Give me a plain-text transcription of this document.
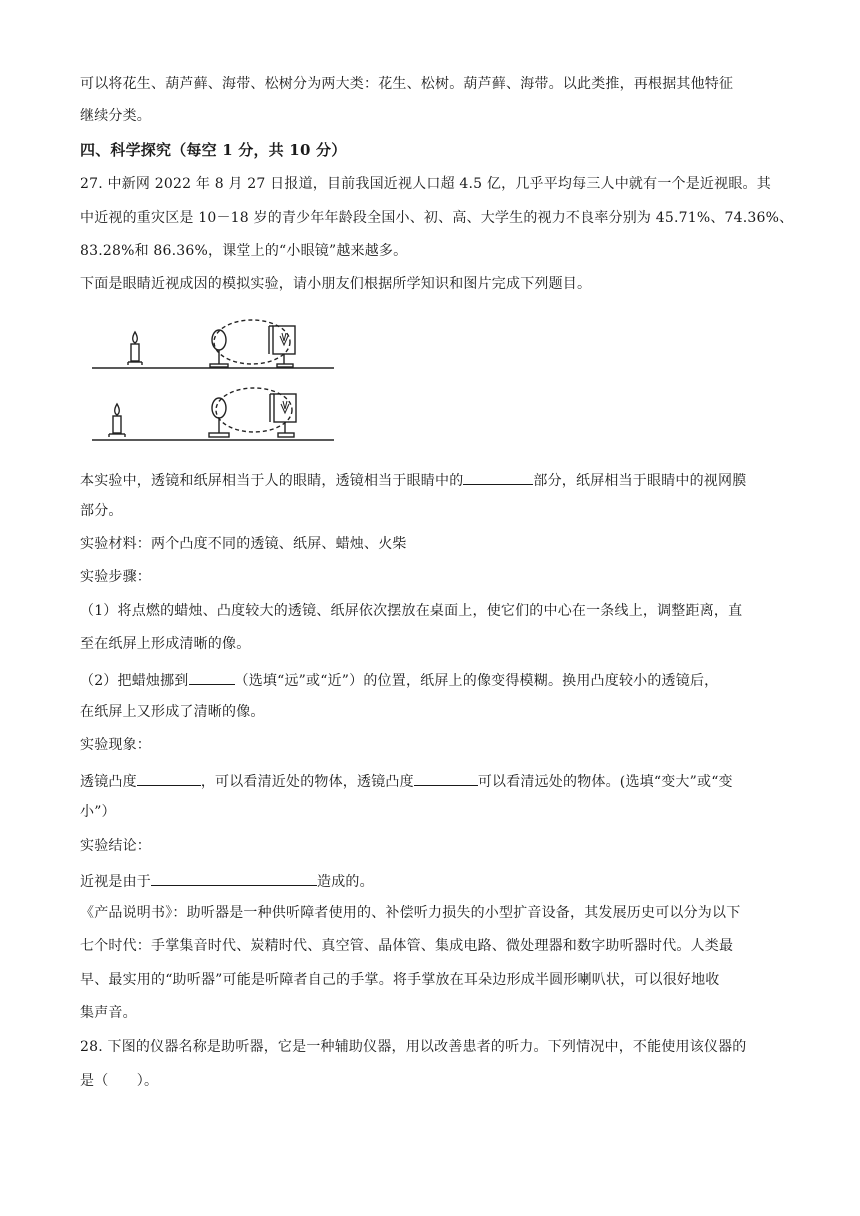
可以将花生、葫芦藓、海带、松树分为两大类：花生、松树。葫芦藓、海带。以此类推，再根据其他特征
继续分类。
四、科学探究（每空 1 分，共 10 分）
27. 中新网 2022 年 8 月 27 日报道，目前我国近视人口超 4.5 亿，几乎平均每三人中就有一个是近视眼。其
中近视的重灾区是 10－18 岁的青少年年龄段全国小、初、高、大学生的视力不良率分别为 45.71%、74.36%、
83.28%和 86.36%，课堂上的“小眼镜”越来越多。
下面是眼睛近视成因的模拟实验，请小朋友们根据所学知识和图片完成下列题目。
本实验中，透镜和纸屏相当于人的眼睛，透镜相当于眼睛中的	部分，纸屏相当于眼睛中的视网膜
部分。
实验材料：两个凸度不同的透镜、纸屏、蜡烛、火柴
实验步骤：
（1）将点燃的蜡烛、凸度较大的透镜、纸屏依次摆放在桌面上，使它们的中心在一条线上，调整距离，直
至在纸屏上形成清晰的像。
（2）把蜡烛挪到	（选填“远”或“近”）的位置，纸屏上的像变得模糊。换用凸度较小的透镜后，
在纸屏上又形成了清晰的像。
实验现象：
透镜凸度	，可以看清近处的物体，透镜凸度	可以看清远处的物体。(选填“变大”或“变
小”）
实验结论：
近视是由于	造成的。
《产品说明书》：助听器是一种供听障者使用的、补偿听力损失的小型扩音设备，其发展历史可以分为以下
七个时代：手掌集音时代、炭精时代、真空管、晶体管、集成电路、微处理器和数字助听器时代。人类最
早、最实用的“助听器”可能是听障者自己的手掌。将手掌放在耳朵边形成半圆形喇叭状，可以很好地收
集声音。
28. 下图的仪器名称是助听器，它是一种辅助仪器，用以改善患者的听力。下列情况中，不能使用该仪器的
是（　　）。
